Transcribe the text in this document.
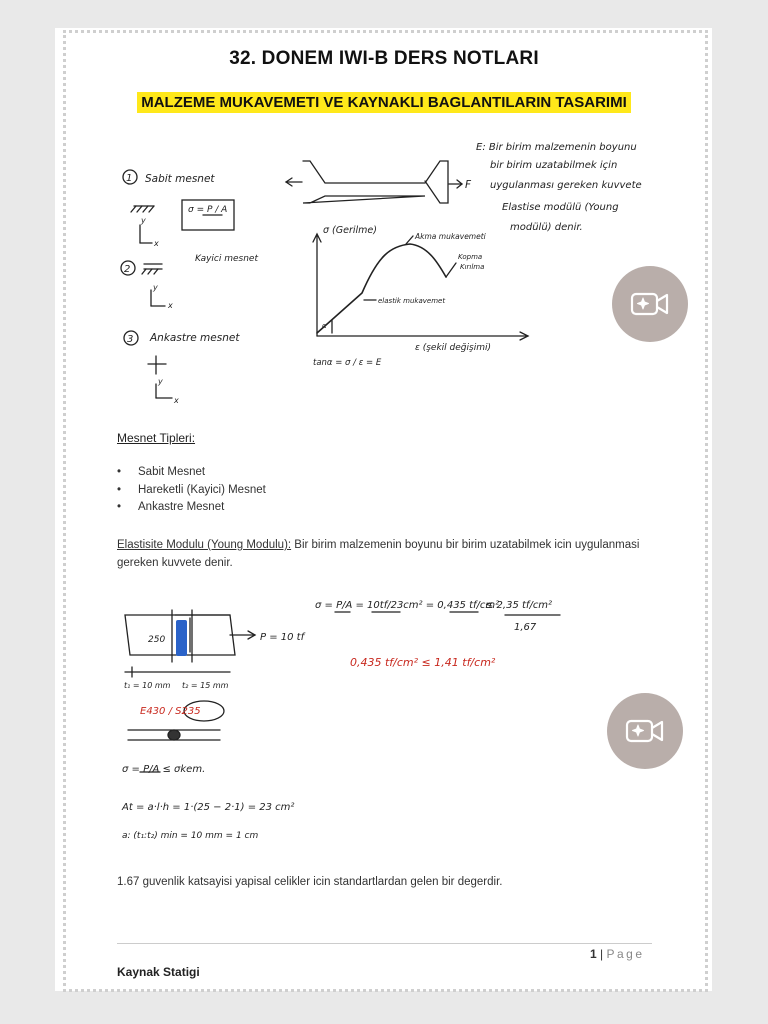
32. DONEM IWI-B DERS NOTLARI
MALZEME MUKAVEMETI VE KAYNAKLI BAGLANTILARIN TASARIMI
1 Sabit mesnet
σ = P / A
y
x
2
Kayici mesnet
y
x
3 Ankastre mesnet
y
x
F
σ (Gerilme)
Akma mukavemeti
Kopma
Kırılma
elastik mukavemet
α
ε (şekil değişimi)
tanα = σ / ε = E
E: Bir birim malzemenin boyunu
bir birim uzatabilmek için
uygulanması gereken kuvvete
Elastise modülü (Young
modülü) denir.
Mesnet Tipleri:
• Sabit Mesnet
• Hareketli (Kayici) Mesnet
• Ankastre Mesnet
Elastisite Modulu (Young Modulu): Bir birim malzemenin boyunu bir birim uzatabilmek icin uygulanmasi gereken kuvvete denir.
σ = P/A = 10tf/23cm² = 0,435 tf/cm²
≤ 2,35 tf/cm²
1,67
P = 10 tf
250
t₁ = 10 mm t₂ = 15 mm
σ = P/A ≤ σkem.
At = a·l·h = 1·(25 − 2·1) = 23 cm²
a: (t₁:t₂) min = 10 mm = 1 cm
E430 / S235
0,435 tf/cm² ≤ 1,41 tf/cm²
1.67 guvenlik katsayisi yapisal celikler icin standartlardan gelen bir degerdir.
1 | Page
Kaynak Statigi
